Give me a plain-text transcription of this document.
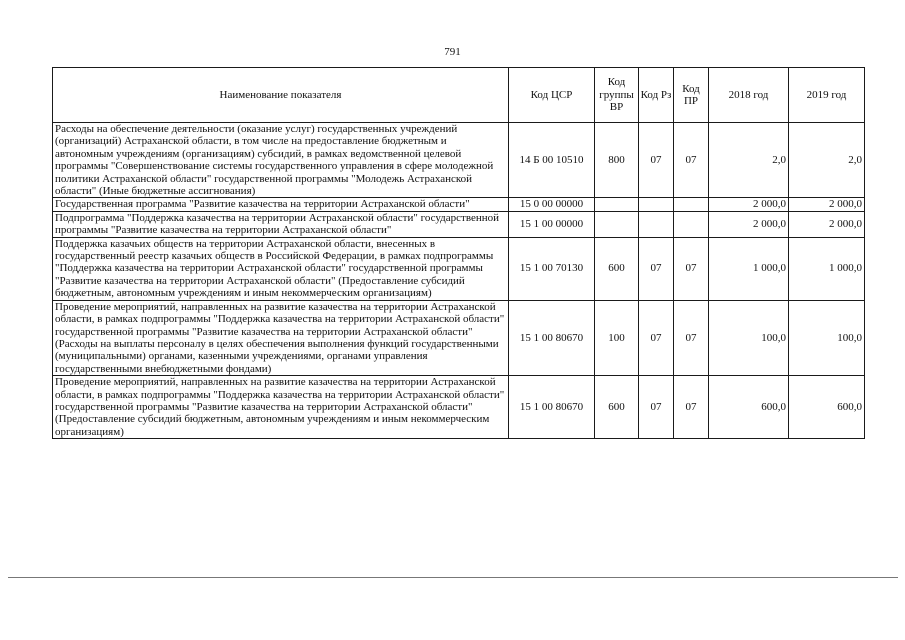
791
Наименование показателя	Код ЦСР	Код группы ВР	Код Рз	Код ПР	2018 год	2019 год
Расходы на обеспечение деятельности (оказание услуг) государственных учреждений (организаций) Астраханской области, в том числе на предоставление бюджетным и автономным учреждениям (организациям) субсидий, в рамках ведомственной целевой программы "Совершенствование системы государственного управления в сфере молодежной политики Астраханской области" государственной программы "Молодежь Астраханской области" (Иные бюджетные ассигнования)	14 Б 00 10510	800	07	07	2,0	2,0
Государственная программа "Развитие казачества на территории Астраханской области"	15 0 00 00000				2 000,0	2 000,0
Подпрограмма "Поддержка казачества на территории Астраханской области" государственной программы "Развитие казачества на территории Астраханской области"	15 1 00 00000				2 000,0	2 000,0
Поддержка казачьих обществ на территории Астраханской области, внесенных в государственный реестр казачьих обществ в Российской Федерации, в рамках подпрограммы "Поддержка казачества на территории Астраханской области" государственной программы "Развитие казачества на территории Астраханской области" (Предоставление субсидий бюджетным, автономным учреждениям и иным некоммерческим организациям)	15 1 00 70130	600	07	07	1 000,0	1 000,0
Проведение мероприятий, направленных на развитие казачества на территории Астраханской области, в рамках подпрограммы "Поддержка казачества на территории Астраханской области" государственной программы "Развитие казачества на территории Астраханской области" (Расходы на выплаты персоналу в целях обеспечения выполнения функций государственными (муниципальными) органами, казенными учреждениями, органами управления государственными внебюджетными фондами)	15 1 00 80670	100	07	07	100,0	100,0
Проведение мероприятий, направленных на развитие казачества на территории Астраханской области, в рамках подпрограммы "Поддержка казачества на территории Астраханской области" государственной программы "Развитие казачества на территории Астраханской области" (Предоставление субсидий бюджетным, автономным учреждениям и иным некоммерческим организациям)	15 1 00 80670	600	07	07	600,0	600,0
